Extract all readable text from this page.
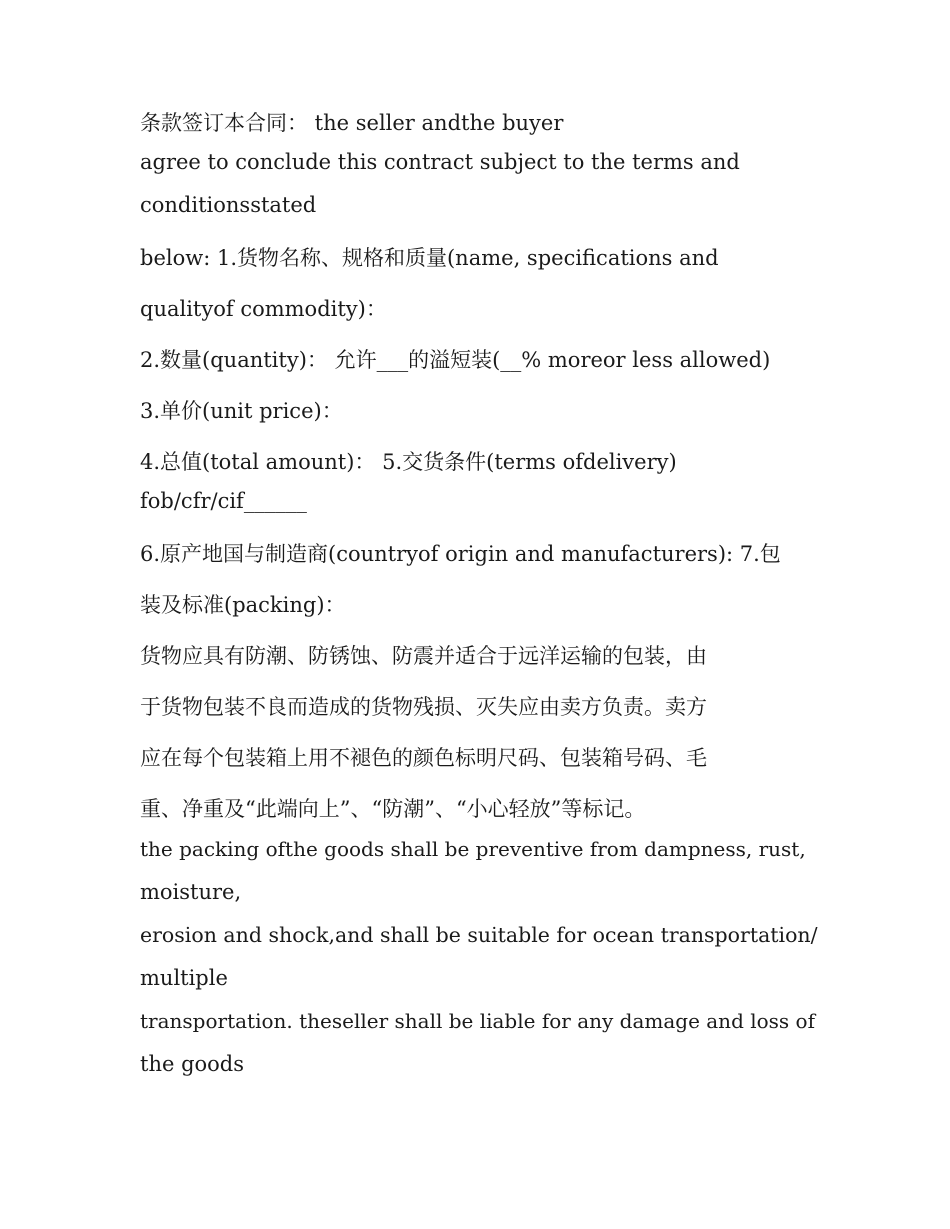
条款签订本合同： the seller andthe buyer
agree to conclude this contract subject to the terms and
conditionsstated
below: 1.货物名称、规格和质量(name, specifications and
qualityof commodity)：
2.数量(quantity)： 允许___的溢短装(__% moreor less allowed)
3.单价(unit price)：
4.总值(total amount)： 5.交货条件(terms ofdelivery)
fob/cfr/cif______
6.原产地国与制造商(countryof origin and manufacturers): 7.包
装及标准(packing)：
货物应具有防潮、防锈蚀、防震并适合于远洋运输的包装，由
于货物包装不良而造成的货物残损、灭失应由卖方负责。卖方
应在每个包装箱上用不褪色的颜色标明尺码、包装箱号码、毛
重、净重及“此端向上”、“防潮”、“小心轻放”等标记。
the packing ofthe goods shall be preventive from dampness, rust,
moisture,
erosion and shock,and shall be suitable for ocean transportation/
multiple
transportation. theseller shall be liable for any damage and loss of
the goods
